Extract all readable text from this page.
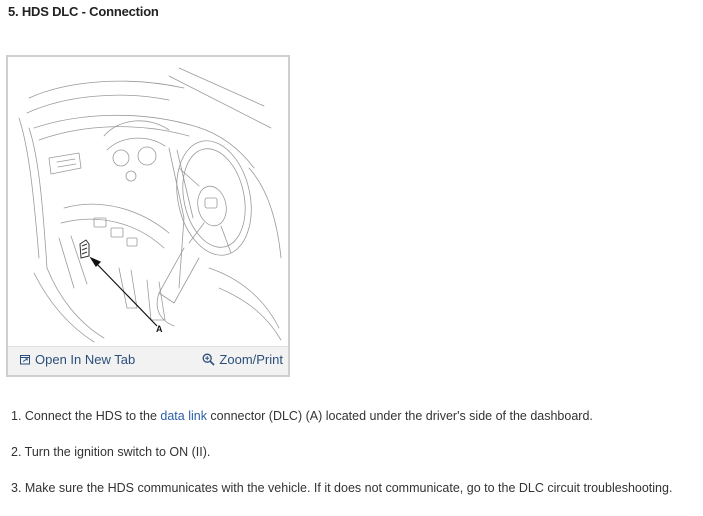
5. HDS DLC - Connection
A
Open In New Tab	Zoom/Print
1. Connect the HDS to the data link connector (DLC) (A) located under the driver's side of the dashboard.
2. Turn the ignition switch to ON (II).
3. Make sure the HDS communicates with the vehicle. If it does not communicate, go to the DLC circuit troubleshooting.
